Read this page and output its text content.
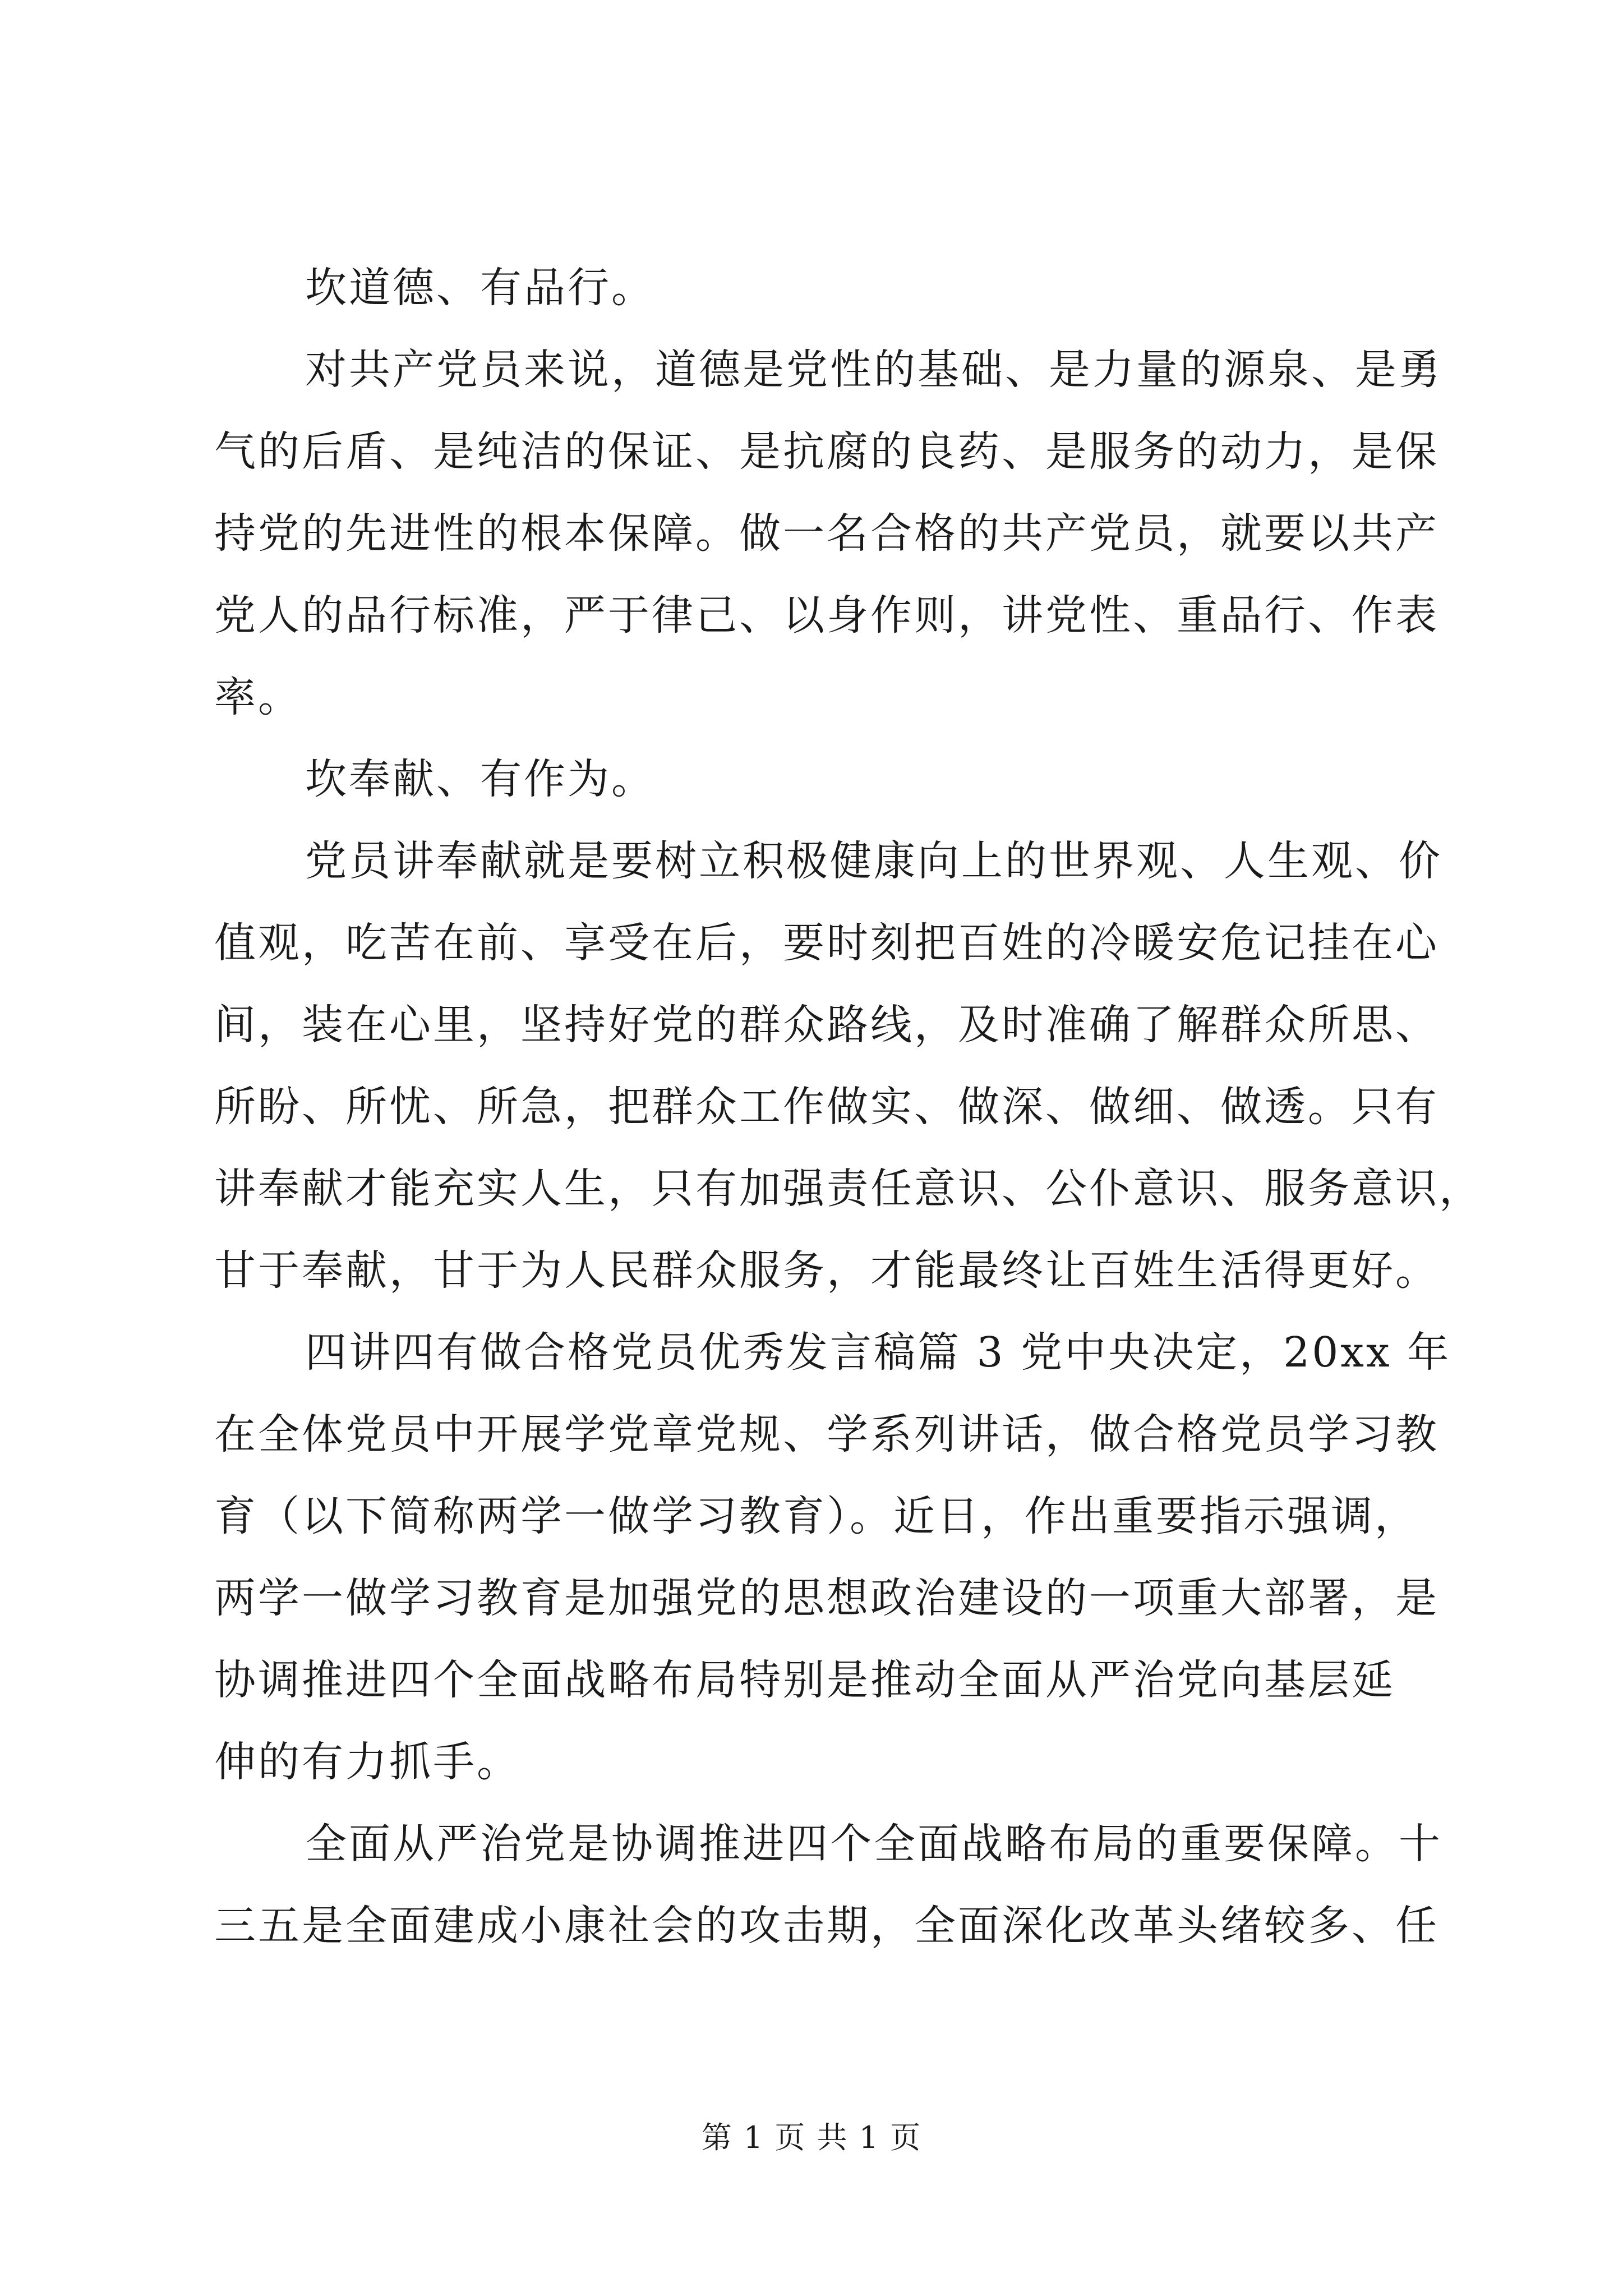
坎道德、有品行。
对共产党员来说，道德是党性的基础、是力量的源泉、是勇
气的后盾、是纯洁的保证、是抗腐的良药、是服务的动力，是保
持党的先进性的根本保障。做一名合格的共产党员，就要以共产
党人的品行标准，严于律己、以身作则，讲党性、重品行、作表
率。
坎奉献、有作为。
党员讲奉献就是要树立积极健康向上的世界观、人生观、价
值观，吃苦在前、享受在后，要时刻把百姓的冷暖安危记挂在心
间，装在心里，坚持好党的群众路线，及时准确了解群众所思、
所盼、所忧、所急，把群众工作做实、做深、做细、做透。只有
讲奉献才能充实人生，只有加强责任意识、公仆意识、服务意识，
甘于奉献，甘于为人民群众服务，才能最终让百姓生活得更好。
四讲四有做合格党员优秀发言稿篇 3 党中央决定，20xx 年
在全体党员中开展学党章党规、学系列讲话，做合格党员学习教
育（以下简称两学一做学习教育）。近日，作出重要指示强调，
两学一做学习教育是加强党的思想政治建设的一项重大部署，是
协调推进四个全面战略布局特别是推动全面从严治党向基层延
伸的有力抓手。
全面从严治党是协调推进四个全面战略布局的重要保障。十
三五是全面建成小康社会的攻击期，全面深化改革头绪较多、任
第 1 页 共 1 页
